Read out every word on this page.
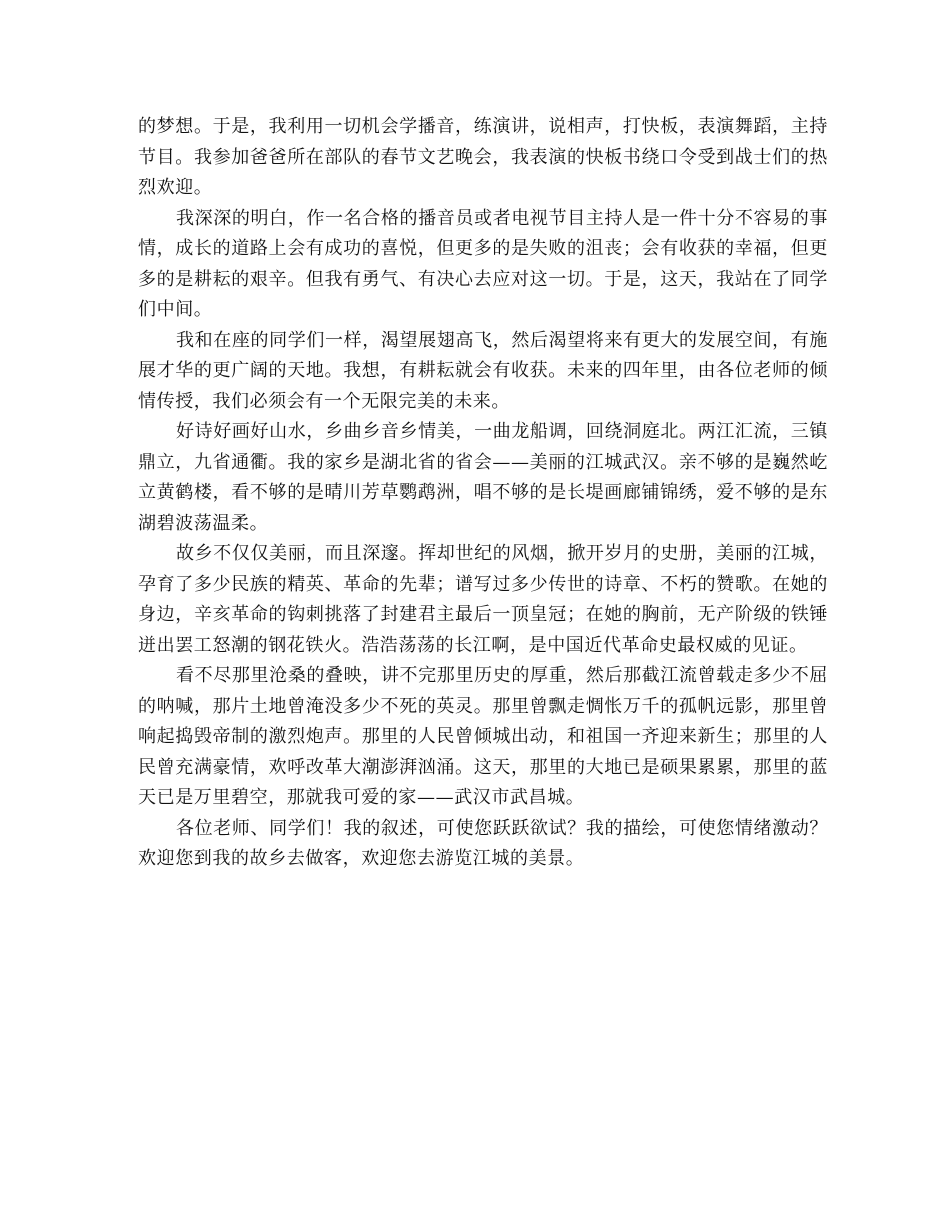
的梦想。于是，我利用一切机会学播音，练演讲，说相声，打快板，表演舞蹈，主持节目。我参加爸爸所在部队的春节文艺晚会，我表演的快板书绕口令受到战士们的热烈欢迎。

我深深的明白，作一名合格的播音员或者电视节目主持人是一件十分不容易的事情，成长的道路上会有成功的喜悦，但更多的是失败的沮丧；会有收获的幸福，但更多的是耕耘的艰辛。但我有勇气、有决心去应对这一切。于是，这天，我站在了同学们中间。

我和在座的同学们一样，渴望展翅高飞，然后渴望将来有更大的发展空间，有施展才华的更广阔的天地。我想，有耕耘就会有收获。未来的四年里，由各位老师的倾情传授，我们必须会有一个无限完美的未来。

好诗好画好山水，乡曲乡音乡情美，一曲龙船调，回绕洞庭北。两江汇流，三镇鼎立，九省通衢。我的家乡是湖北省的省会——美丽的江城武汉。亲不够的是巍然屹立黄鹤楼，看不够的是晴川芳草鹦鹉洲，唱不够的是长堤画廊铺锦绣，爱不够的是东湖碧波荡温柔。

故乡不仅仅美丽，而且深邃。挥却世纪的风烟，掀开岁月的史册，美丽的江城，孕育了多少民族的精英、革命的先辈；谱写过多少传世的诗章、不朽的赞歌。在她的身边，辛亥革命的钩刺挑落了封建君主最后一顶皇冠；在她的胸前，无产阶级的铁锤迸出罢工怒潮的钢花铁火。浩浩荡荡的长江啊，是中国近代革命史最权威的见证。

看不尽那里沧桑的叠映，讲不完那里历史的厚重，然后那截江流曾载走多少不屈的呐喊，那片土地曾淹没多少不死的英灵。那里曾飘走惆怅万千的孤帆远影，那里曾响起捣毁帝制的激烈炮声。那里的人民曾倾城出动，和祖国一齐迎来新生；那里的人民曾充满豪情，欢呼改革大潮澎湃汹涌。这天，那里的大地已是硕果累累，那里的蓝天已是万里碧空，那就我可爱的家——武汉市武昌城。

各位老师、同学们！我的叙述，可使您跃跃欲试？我的描绘，可使您情绪激动？欢迎您到我的故乡去做客，欢迎您去游览江城的美景。
